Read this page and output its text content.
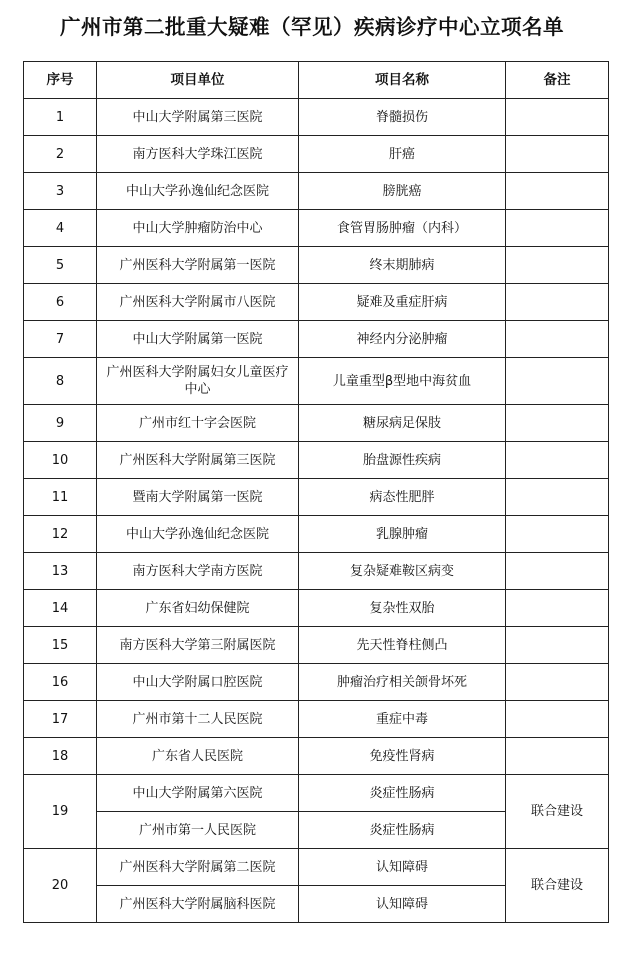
广州市第二批重大疑难（罕见）疾病诊疗中心立项名单
序号	项目单位	项目名称	备注
1	中山大学附属第三医院	脊髓损伤	
2	南方医科大学珠江医院	肝癌	
3	中山大学孙逸仙纪念医院	膀胱癌	
4	中山大学肿瘤防治中心	食管胃肠肿瘤（内科）	
5	广州医科大学附属第一医院	终末期肺病	
6	广州医科大学附属市八医院	疑难及重症肝病	
7	中山大学附属第一医院	神经内分泌肿瘤	
8	广州医科大学附属妇女儿童医疗中心	儿童重型β型地中海贫血	
9	广州市红十字会医院	糖尿病足保肢	
10	广州医科大学附属第三医院	胎盘源性疾病	
11	暨南大学附属第一医院	病态性肥胖	
12	中山大学孙逸仙纪念医院	乳腺肿瘤	
13	南方医科大学南方医院	复杂疑难鞍区病变	
14	广东省妇幼保健院	复杂性双胎	
15	南方医科大学第三附属医院	先天性脊柱侧凸	
16	中山大学附属口腔医院	肿瘤治疗相关颌骨坏死	
17	广州市第十二人民医院	重症中毒	
18	广东省人民医院	免疫性肾病	
19	中山大学附属第六医院	炎症性肠病	联合建设
	广州市第一人民医院	炎症性肠病	
20	广州医科大学附属第二医院	认知障碍	联合建设
	广州医科大学附属脑科医院	认知障碍	
